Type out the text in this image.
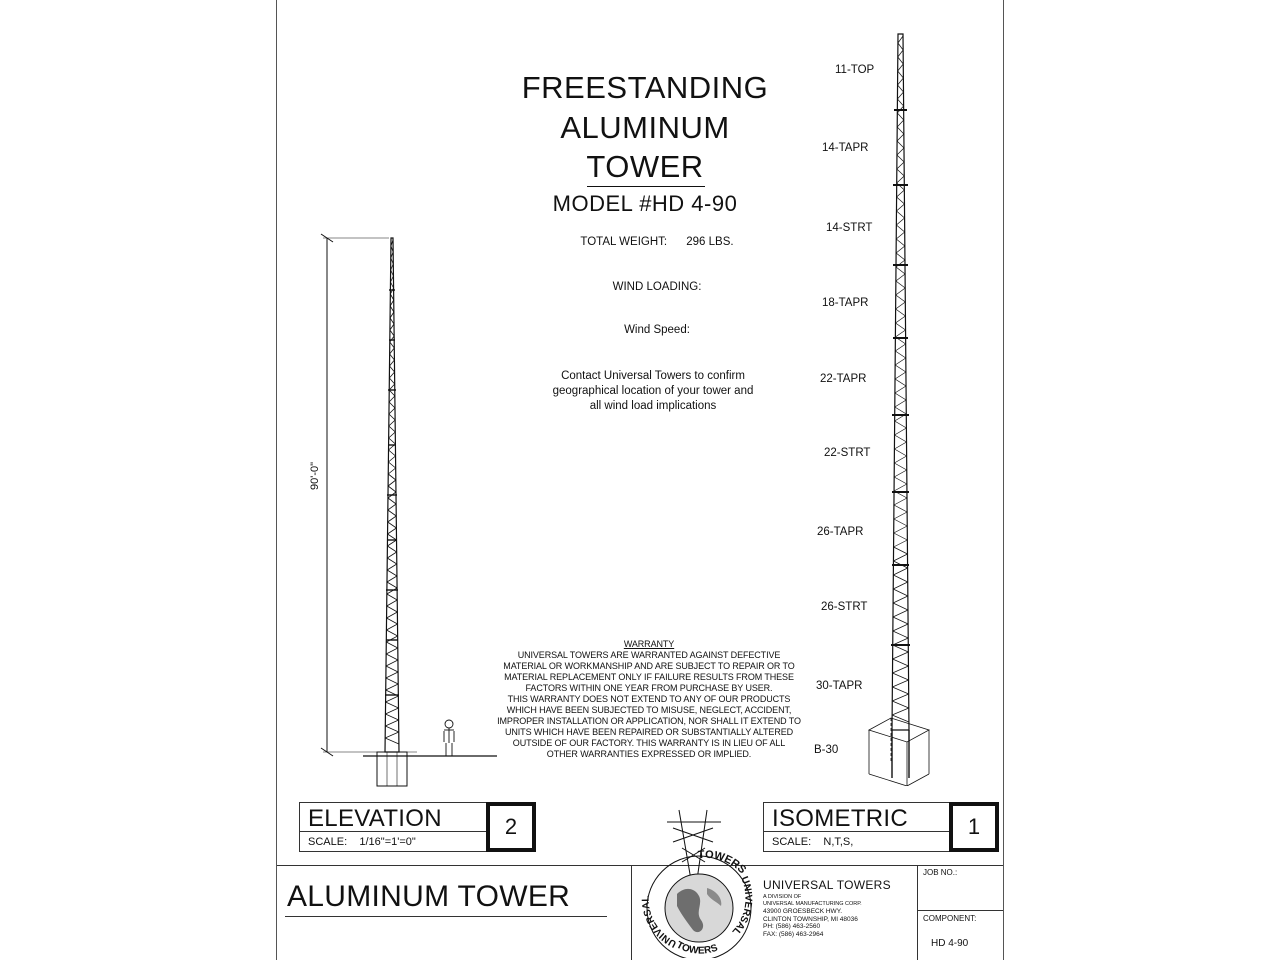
FREESTANDING
ALUMINUM
TOWER
MODEL #HD 4-90
TOTAL WEIGHT: 296 LBS.
WIND LOADING:
Wind Speed:
Contact Universal Towers to confirm
geographical location of your tower and
all wind load implications
WARRANTY
UNIVERSAL TOWERS ARE WARRANTED AGAINST DEFECTIVE
MATERIAL OR WORKMANSHIP AND ARE SUBJECT TO REPAIR OR TO
MATERIAL REPLACEMENT ONLY IF FAILURE RESULTS FROM THESE
FACTORS WITHIN ONE YEAR FROM PURCHASE BY USER.
THIS WARRANTY DOES NOT EXTEND TO ANY OF OUR PRODUCTS
WHICH HAVE BEEN SUBJECTED TO MISUSE, NEGLECT, ACCIDENT,
IMPROPER INSTALLATION OR APPLICATION, NOR SHALL IT EXTEND TO
UNITS WHICH HAVE BEEN REPAIRED OR SUBSTANTIALLY ALTERED
OUTSIDE OF OUR FACTORY. THIS WARRANTY IS IN LIEU OF ALL
OTHER WARRANTIES EXPRESSED OR IMPLIED.
90'-0"
11-TOP
14-TAPR
14-STRT
18-TAPR
22-TAPR
22-STRT
26-TAPR
26-STRT
30-TAPR
B-30
ELEVATION
SCALE: 1/16"=1'=0"
2	ISOMETRIC
SCALE: N,T,S,
1
ALUMINUM TOWER
TOWERS
UNIVERSAL
UNIVERSAL
TOWERS
UNIVERSAL TOWERS
A DIVISION OF
UNIVERSAL MANUFACTURING CORP.
43900 GROESBECK HWY.
CLINTON TOWNSHIP, MI 48036
PH: (586) 463-2560
FAX: (586) 463-2964
JOB NO.:
COMPONENT:
HD 4-90
